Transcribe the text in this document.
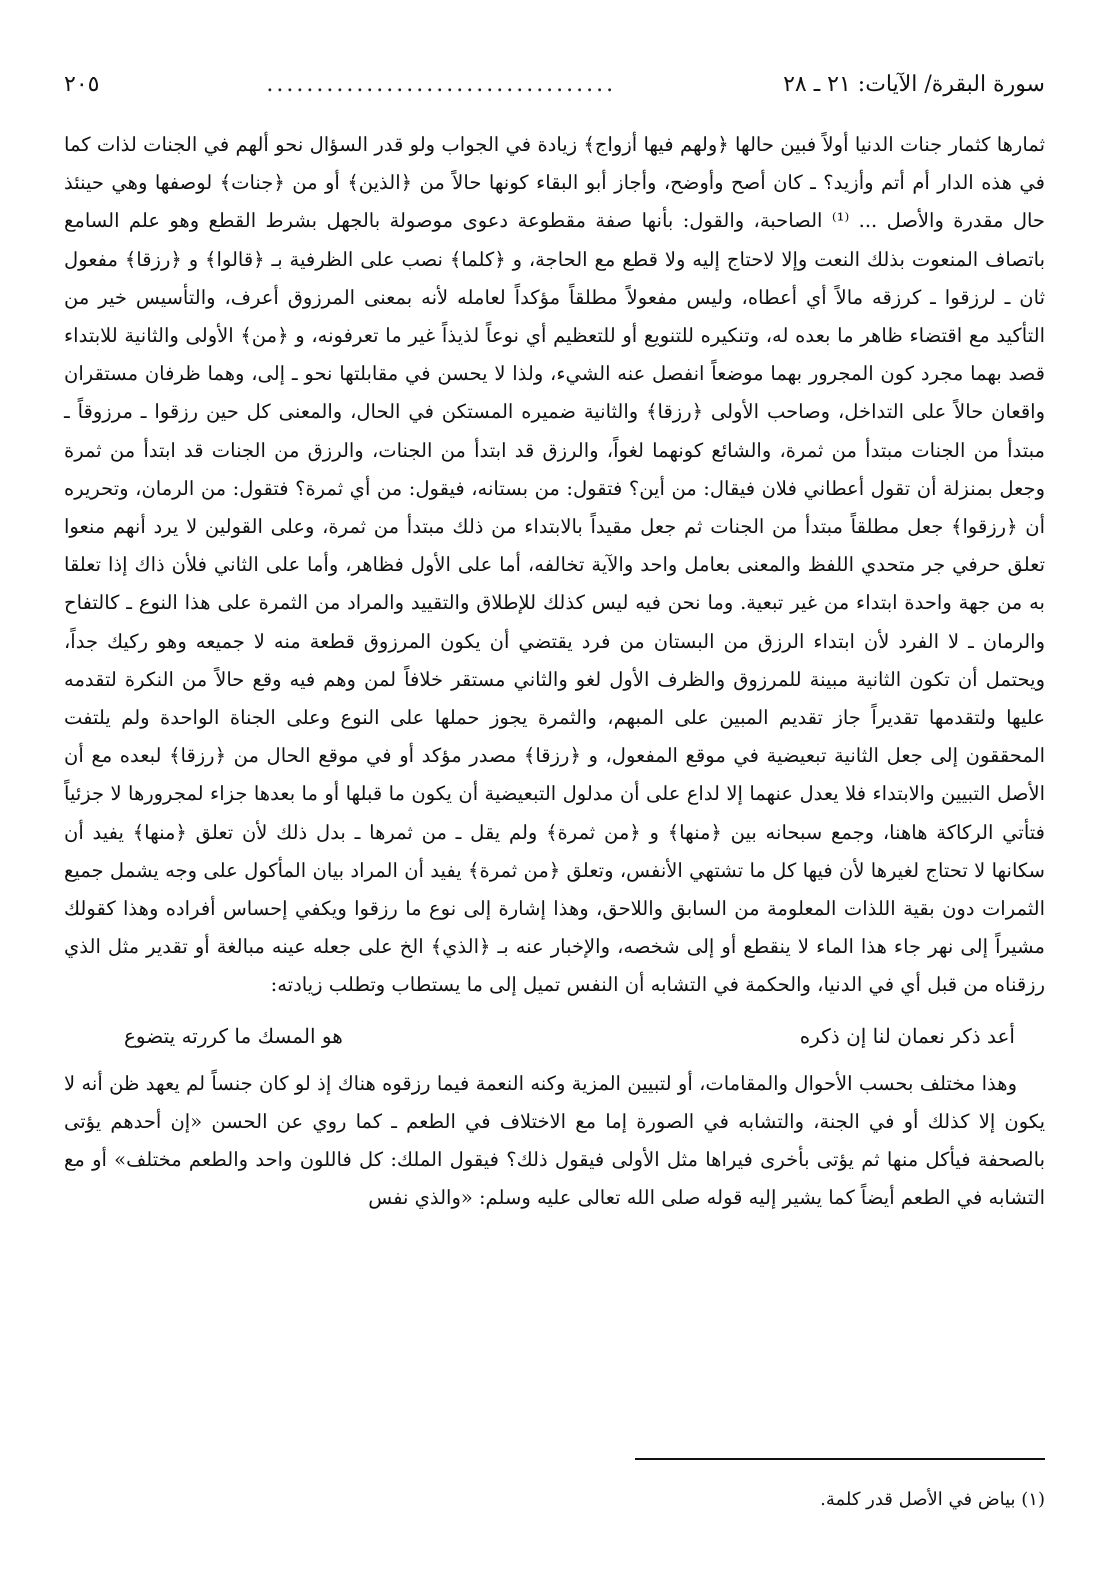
سورة البقرة/ الآيات: ٢١ ـ ٢٨
...................................
٢٠٥

ثمارها كثمار جنات الدنيا أولاً فبين حالها ﴿ولهم فيها أزواج﴾ زيادة في الجواب ولو قدر السؤال نحو ألهم في الجنات لذات كما في هذه الدار أم أتم وأزيد؟ ـ كان أصح وأوضح، وأجاز أبو البقاء كونها حالاً من ﴿الذين﴾ أو من ﴿جنات﴾ لوصفها وهي حينئذ حال مقدرة والأصل ... ⁽¹⁾ الصاحبة، والقول: بأنها صفة مقطوعة دعوى موصولة بالجهل بشرط القطع وهو علم السامع باتصاف المنعوت بذلك النعت وإلا لاحتاج إليه ولا قطع مع الحاجة، و ﴿كلما﴾ نصب على الظرفية بـ ﴿قالوا﴾ و ﴿رزقا﴾ مفعول ثان ـ لرزقوا ـ كرزقه مالاً أي أعطاه، وليس مفعولاً مطلقاً مؤكداً لعامله لأنه بمعنى المرزوق أعرف، والتأسيس خير من التأكيد مع اقتضاء ظاهر ما بعده له، وتنكيره للتنويع أو للتعظيم أي نوعاً لذيذاً غير ما تعرفونه، و ﴿من﴾ الأولى والثانية للابتداء قصد بهما مجرد كون المجرور بهما موضعاً انفصل عنه الشيء، ولذا لا يحسن في مقابلتها نحو ـ إلى، وهما ظرفان مستقران واقعان حالاً على التداخل، وصاحب الأولى ﴿رزقا﴾ والثانية ضميره المستكن في الحال، والمعنى كل حين رزقوا ـ مرزوقاً ـ مبتدأ من الجنات مبتدأ من ثمرة، والشائع كونهما لغواً، والرزق قد ابتدأ من الجنات، والرزق من الجنات قد ابتدأ من ثمرة وجعل بمنزلة أن تقول أعطاني فلان فيقال: من أين؟ فتقول: من بستانه، فيقول: من أي ثمرة؟ فتقول: من الرمان، وتحريره أن ﴿رزقوا﴾ جعل مطلقاً مبتدأ من الجنات ثم جعل مقيداً بالابتداء من ذلك مبتدأ من ثمرة، وعلى القولين لا يرد أنهم منعوا تعلق حرفي جر متحدي اللفظ والمعنى بعامل واحد والآية تخالفه، أما على الأول فظاهر، وأما على الثاني فلأن ذاك إذا تعلقا به من جهة واحدة ابتداء من غير تبعية. وما نحن فيه ليس كذلك للإطلاق والتقييد والمراد من الثمرة على هذا النوع ـ كالتفاح والرمان ـ لا الفرد لأن ابتداء الرزق من البستان من فرد يقتضي أن يكون المرزوق قطعة منه لا جميعه وهو ركيك جداً، ويحتمل أن تكون الثانية مبينة للمرزوق والظرف الأول لغو والثاني مستقر خلافاً لمن وهم فيه وقع حالاً من النكرة لتقدمه عليها ولتقدمها تقديراً جاز تقديم المبين على المبهم، والثمرة يجوز حملها على النوع وعلى الجناة الواحدة ولم يلتفت المحققون إلى جعل الثانية تبعيضية في موقع المفعول، و ﴿رزقا﴾ مصدر مؤكد أو في موقع الحال من ﴿رزقا﴾ لبعده مع أن الأصل التبيين والابتداء فلا يعدل عنهما إلا لداع على أن مدلول التبعيضية أن يكون ما قبلها أو ما بعدها جزاء لمجرورها لا جزئياً فتأتي الركاكة هاهنا، وجمع سبحانه بين ﴿منها﴾ و ﴿من ثمرة﴾ ولم يقل ـ من ثمرها ـ بدل ذلك لأن تعلق ﴿منها﴾ يفيد أن سكانها لا تحتاج لغيرها لأن فيها كل ما تشتهي الأنفس، وتعلق ﴿من ثمرة﴾ يفيد أن المراد بيان المأكول على وجه يشمل جميع الثمرات دون بقية اللذات المعلومة من السابق واللاحق، وهذا إشارة إلى نوع ما رزقوا ويكفي إحساس أفراده وهذا كقولك مشيراً إلى نهر جاء هذا الماء لا ينقطع أو إلى شخصه، والإخبار عنه بـ ﴿الذي﴾ الخ على جعله عينه مبالغة أو تقدير مثل الذي رزقناه من قبل أي في الدنيا، والحكمة في التشابه أن النفس تميل إلى ما يستطاب وتطلب زيادته:

أعد ذكر نعمان لنا إن ذكره
هو المسك ما كررته يتضوع

وهذا مختلف بحسب الأحوال والمقامات، أو لتبيين المزية وكنه النعمة فيما رزقوه هناك إذ لو كان جنساً لم يعهد ظن أنه لا يكون إلا كذلك أو في الجنة، والتشابه في الصورة إما مع الاختلاف في الطعم ـ كما روي عن الحسن «إن أحدهم يؤتى بالصحفة فيأكل منها ثم يؤتى بأخرى فيراها مثل الأولى فيقول ذلك؟ فيقول الملك: كل فاللون واحد والطعم مختلف» أو مع التشابه في الطعم أيضاً كما يشير إليه قوله صلى الله تعالى عليه وسلم: «والذي نفس

(١) بياض في الأصل قدر كلمة.
